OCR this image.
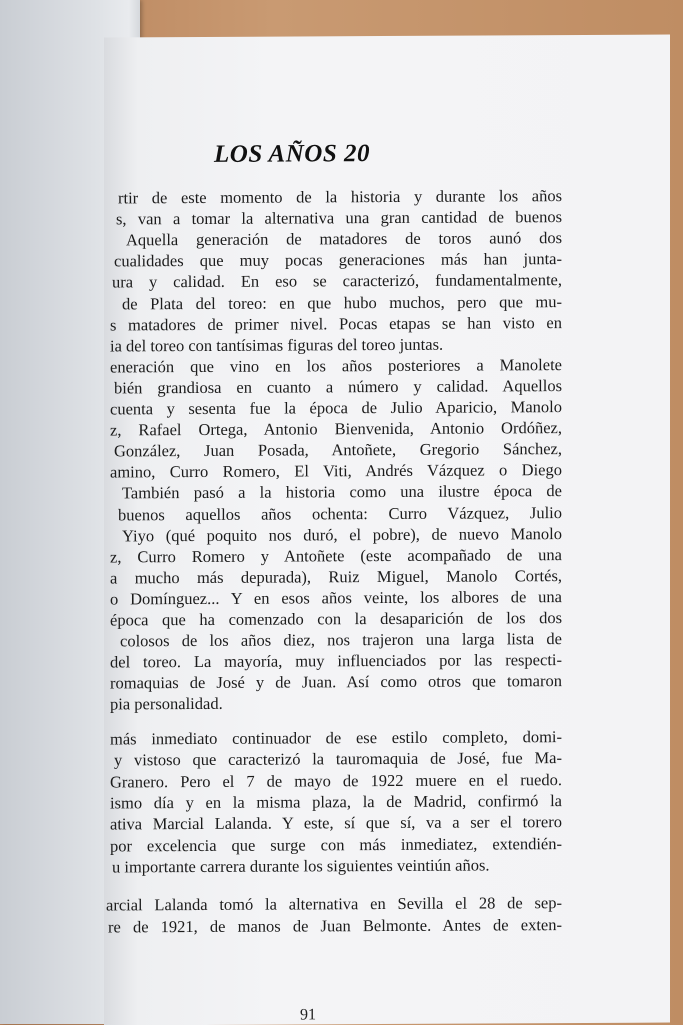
LOS AÑOS 20
rtir de este momento de la historia y durante los años
s, van a tomar la alternativa una gran cantidad de buenos
Aquella generación de matadores de toros aunó dos
cualidades que muy pocas generaciones más han junta-
ura y calidad. En eso se caracterizó, fundamentalmente,
de Plata del toreo: en que hubo muchos, pero que mu-
s matadores de primer nivel. Pocas etapas se han visto en
ia del toreo con tantísimas figuras del toreo juntas.
eneración que vino en los años posteriores a Manolete
bién grandiosa en cuanto a número y calidad. Aquellos
cuenta y sesenta fue la época de Julio Aparicio, Manolo
z, Rafael Ortega, Antonio Bienvenida, Antonio Ordóñez,
González, Juan Posada, Antoñete, Gregorio Sánchez,
amino, Curro Romero, El Viti, Andrés Vázquez o Diego
También pasó a la historia como una ilustre época de
buenos aquellos años ochenta: Curro Vázquez, Julio
Yiyo (qué poquito nos duró, el pobre), de nuevo Manolo
z, Curro Romero y Antoñete (este acompañado de una
a mucho más depurada), Ruiz Miguel, Manolo Cortés,
o Domínguez... Y en esos años veinte, los albores de una
época que ha comenzado con la desaparición de los dos
colosos de los años diez, nos trajeron una larga lista de
del toreo. La mayoría, muy influenciados por las respecti-
romaquias de José y de Juan. Así como otros que tomaron
pia personalidad.
más inmediato continuador de ese estilo completo, domi-
y vistoso que caracterizó la tauromaquia de José, fue Ma-
Granero. Pero el 7 de mayo de 1922 muere en el ruedo.
ismo día y en la misma plaza, la de Madrid, confirmó la
ativa Marcial Lalanda. Y este, sí que sí, va a ser el torero
por excelencia que surge con más inmediatez, extendién-
u importante carrera durante los siguientes veintiún años.
arcial Lalanda tomó la alternativa en Sevilla el 28 de sep-
re de 1921, de manos de Juan Belmonte. Antes de exten-
91
